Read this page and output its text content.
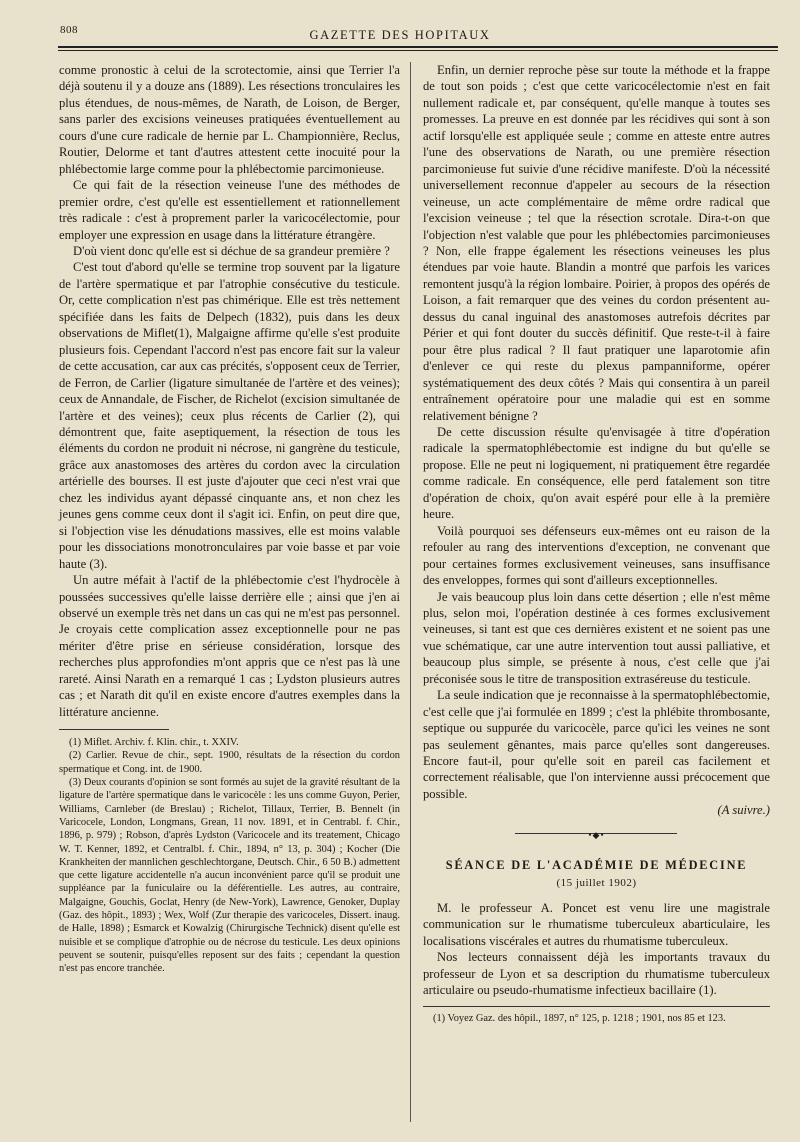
808	GAZETTE DES HOPITAUX

comme pronostic à celui de la scrotectomie, ainsi que Terrier l'a déjà soutenu il y a douze ans (1889). Les résections tronculaires les plus étendues, de nous-mêmes, de Narath, de Loison, de Berger, sans parler des excisions veineuses pratiquées éventuellement au cours d'une cure radicale de hernie par L. Championnière, Reclus, Routier, Delorme et tant d'autres attestent cette inocuité pour la phlébectomie large comme pour la phlébectomie parcimonieuse.

Ce qui fait de la résection veineuse l'une des méthodes de premier ordre, c'est qu'elle est essentiellement et rationnellement très radicale : c'est à proprement parler la varicocélectomie, pour employer une expression en usage dans la littérature étrangère.

D'où vient donc qu'elle est si déchue de sa grandeur première ?

C'est tout d'abord qu'elle se termine trop souvent par la ligature de l'artère spermatique et par l'atrophie consécutive du testicule. Or, cette complication n'est pas chimérique. Elle est très nettement spécifiée dans les faits de Delpech (1832), puis dans les deux observations de Miflet(1), Malgaigne affirme qu'elle s'est produite plusieurs fois. Cependant l'accord n'est pas encore fait sur la valeur de cette accusation, car aux cas précités, s'opposent ceux de Terrier, de Ferron, de Carlier (ligature simultanée de l'artère et des veines); ceux de Annandale, de Fischer, de Richelot (excision simultanée de l'artère et des veines); ceux plus récents de Carlier (2), qui démontrent que, faite aseptiquement, la résection de tous les éléments du cordon ne produit ni nécrose, ni gangrène du testicule, grâce aux anastomoses des artères du cordon avec la circulation artérielle des bourses. Il est juste d'ajouter que ceci n'est vrai que chez les individus ayant dépassé cinquante ans, et non chez les jeunes gens comme ceux dont il s'agit ici. Enfin, on peut dire que, si l'objection vise les dénudations massives, elle est moins valable pour les dissociations monotronculaires par voie basse et par voie haute (3).

Un autre méfait à l'actif de la phlébectomie c'est l'hydrocèle à poussées successives qu'elle laisse derrière elle ; ainsi que j'en ai observé un exemple très net dans un cas qui ne m'est pas personnel. Je croyais cette complication assez exceptionnelle pour ne pas mériter d'être prise en sérieuse considération, lorsque des recherches plus approfondies m'ont appris que ce n'est pas là une rareté. Ainsi Narath en a remarqué 1 cas ; Lydston plusieurs autres cas ; et Narath dit qu'il en existe encore d'autres exemples dans la littérature ancienne.

(1) Miflet. Archiv. f. Klin. chir., t. XXIV.

(2) Carlier. Revue de chir., sept. 1900, résultats de la résection du cordon spermatique et Cong. int. de 1900.

(3) Deux courants d'opinion se sont formés au sujet de la gravité résultant de la ligature de l'artère spermatique dans le varicocèle : les uns comme Guyon, Perier, Williams, Carnleber (de Breslau) ; Richelot, Tillaux, Terrier, B. Bennelt (in Varicocele, London, Longmans, Grean, 11 nov. 1891, et in Centrabl. f. Chir., 1896, p. 979) ; Robson, d'après Lydston (Varicocele and its treatement, Chicago W. T. Kenner, 1892, et Centralbl. f. Chir., 1894, n° 13, p. 304) ; Kocher (Die Krankheiten der mannlichen geschlechtorgane, Deutsch. Chir., 6 50 B.) admettent que cette ligature accidentelle n'a aucun inconvénient parce qu'il se produit une suppléance par la funiculaire ou la déférentielle. Les autres, au contraire, Malgaigne, Gouchis, Goclat, Henry (de New-York), Lawrence, Genoker, Duplay (Gaz. des hôpit., 1893) ; Wex, Wolf (Zur therapie des varicoceles, Dissert. inaug. de Halle, 1898) ; Esmarck et Kowalzig (Chirurgische Technick) disent qu'elle est nuisible et se complique d'atrophie ou de nécrose du testicule. Les deux opinions peuvent se soutenir, puisqu'elles reposent sur des faits ; cependant la question n'est pas encore tranchée.

Enfin, un dernier reproche pèse sur toute la méthode et la frappe de tout son poids ; c'est que cette varicocélectomie n'est en fait nullement radicale et, par conséquent, qu'elle manque à toutes ses promesses. La preuve en est donnée par les récidives qui sont à son actif lorsqu'elle est appliquée seule ; comme en atteste entre autres l'une des observations de Narath, ou une première résection parcimonieuse fut suivie d'une récidive manifeste. D'où la nécessité universellement reconnue d'appeler au secours de la résection veineuse, un acte complémentaire de même ordre radical que l'excision veineuse ; tel que la résection scrotale. Dira-t-on que l'objection n'est valable que pour les phlébectomies parcimonieuses ? Non, elle frappe également les résections veineuses les plus étendues par voie haute. Blandin a montré que parfois les varices remontent jusqu'à la région lombaire. Poirier, à propos des opérés de Loison, a fait remarquer que des veines du cordon présentent au-dessus du canal inguinal des anastomoses autrefois décrites par Périer et qui font douter du succès définitif. Que reste-t-il à faire pour être plus radical ? Il faut pratiquer une laparotomie afin d'enlever ce qui reste du plexus pampanniforme, opérer systématiquement des deux côtés ? Mais qui consentira à un pareil entraînement opératoire pour une maladie qui est en somme relativement bénigne ?

De cette discussion résulte qu'envisagée à titre d'opération radicale la spermatophlébectomie est indigne du but qu'elle se propose. Elle ne peut ni logiquement, ni pratiquement être regardée comme radicale. En conséquence, elle perd fatalement son titre d'opération de choix, qu'on avait espéré pour elle à la première heure.

Voilà pourquoi ses défenseurs eux-mêmes ont eu raison de la refouler au rang des interventions d'exception, ne convenant que pour certaines formes exclusivement veineuses, sans insuffisance des enveloppes, formes qui sont d'ailleurs exceptionnelles.

Je vais beaucoup plus loin dans cette désertion ; elle n'est même plus, selon moi, l'opération destinée à ces formes exclusivement veineuses, si tant est que ces dernières existent et ne soient pas une vue schématique, car une autre intervention tout aussi palliative, et beaucoup plus simple, se présente à nous, c'est celle que j'ai préconisée sous le titre de transposition extraséreuse du testicule.

La seule indication que je reconnaisse à la spermatophlébectomie, c'est celle que j'ai formulée en 1899 ; c'est la phlébite thrombosante, septique ou suppurée du varicocèle, parce qu'ici les veines ne sont pas seulement gênantes, mais parce qu'elles sont dangereuses. Encore faut-il, pour qu'elle soit en pareil cas facilement et correctement réalisable, que l'on intervienne aussi précocement que possible.

(A suivre.)
•◆•
SÉANCE DE L'ACADÉMIE DE MÉDECINE
(15 juillet 1902)

M. le professeur A. Poncet est venu lire une magistrale communication sur le rhumatisme tuberculeux abarticulaire, les localisations viscérales et autres du rhumatisme tuberculeux.

Nos lecteurs connaissent déjà les importants travaux du professeur de Lyon et sa description du rhumatisme tuberculeux articulaire ou pseudo-rhumatisme infectieux bacillaire (1).

(1) Voyez Gaz. des hôpil., 1897, n° 125, p. 1218 ; 1901, nos 85 et 123.
